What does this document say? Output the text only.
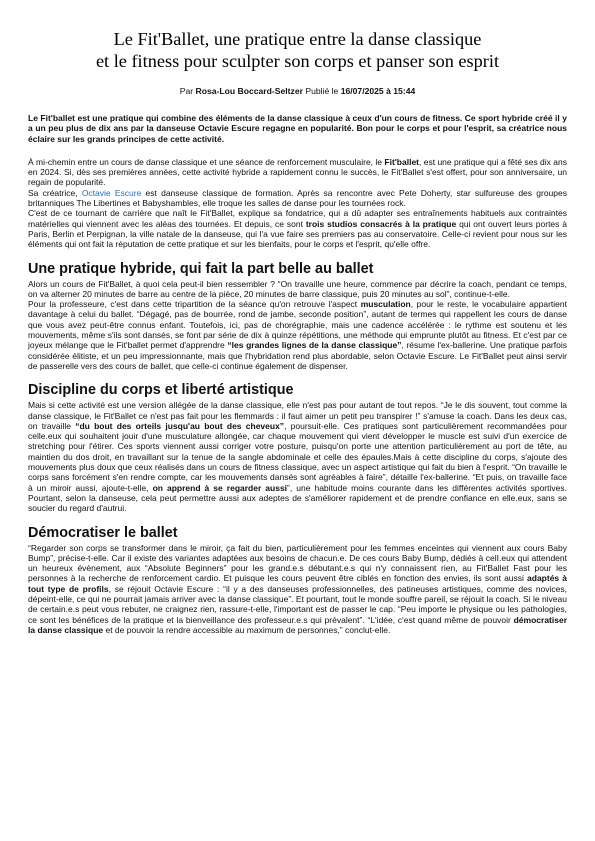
Le Fit'Ballet, une pratique entre la danse classique
et le fitness pour sculpter son corps et panser son esprit
Par Rosa-Lou Boccard-Seltzer Publié le 16/07/2025 à 15:44

Le Fit'ballet est une pratique qui combine des éléments de la danse classique à ceux d'un cours de fitness. Ce sport hybride créé il y a un peu plus de dix ans par la danseuse Octavie Escure regagne en popularité. Bon pour le corps et pour l'esprit, sa créatrice nous éclaire sur les grands principes de cette activité.

À mi-chemin entre un cours de danse classique et une séance de renforcement musculaire, le Fit'ballet, est une pratique qui a fêté ses dix ans en 2024. Si, dès ses premières années, cette activité hybride a rapidement connu le succès, le Fit'Ballet s'est offert, pour son anniversaire, un regain de popularité.

Sa créatrice, Octavie Escure est danseuse classique de formation. Après sa rencontre avec Pete Doherty, star sulfureuse des groupes britanniques The Libertines et Babyshambles, elle troque les salles de danse pour les tournées rock.

C'est de ce tournant de carrière que naît le Fit'Ballet, explique sa fondatrice, qui a dû adapter ses entraînements habituels aux contraintes matérielles qui viennent avec les aléas des tournées. Et depuis, ce sont trois studios consacrés à la pratique qui ont ouvert leurs portes à Paris, Berlin et Perpignan, la ville natale de la danseuse, qui l'a vue faire ses premiers pas au conservatoire. Celle-ci revient pour nous sur les éléments qui ont fait la réputation de cette pratique et sur les bienfaits, pour le corps et l'esprit, qu'elle offre.

Une pratique hybride, qui fait la part belle au ballet

Alors un cours de Fit'Ballet, à quoi cela peut-il bien ressembler ? “On travaille une heure, commence par décrire la coach, pendant ce temps, on va alterner 20 minutes de barre au centre de la pièce, 20 minutes de barre classique, puis 20 minutes au sol”, continue-t-elle.

Pour la professeure, c'est dans cette tripartition de la séance qu'on retrouve l'aspect musculation, pour le reste, le vocabulaire appartient davantage à celui du ballet. “Dégagé, pas de bourrée, rond de jambe, seconde position”, autant de termes qui rappellent les cours de danse que vous avez peut-être connus enfant. Toutefois, ici, pas de chorégraphie, mais une cadence accélérée : le rythme est soutenu et les mouvements, même s'ils sont dansés, se font par série de dix à quinze répétitions, une méthode qui emprunte plutôt au fitness. Et c'est par ce joyeux mélange que le Fit'ballet permet d'apprendre “les grandes lignes de la danse classique”, résume l'ex-ballerine. Une pratique parfois considérée élitiste, et un peu impressionnante, mais que l'hybridation rend plus abordable, selon Octavie Escure. Le Fit'Ballet peut ainsi servir de passerelle vers des cours de ballet, que celle-ci continue également de dispenser.

Discipline du corps et liberté artistique

Mais si cette activité est une version allégée de la danse classique, elle n'est pas pour autant de tout repos. “Je le dis souvent, tout comme la danse classique, le Fit'Ballet ce n'est pas fait pour les flemmards : il faut aimer un petit peu transpirer !” s'amuse la coach. Dans les deux cas, on travaille “du bout des orteils jusqu'au bout des cheveux”, poursuit-elle. Ces pratiques sont particulièrement recommandées pour celle.eux qui souhaitent jouir d'une musculature allongée, car chaque mouvement qui vient développer le muscle est suivi d'un exercice de stretching pour l'étirer. Ces sports viennent aussi corriger votre posture, puisqu'on porte une attention particulièrement au port de tête, au maintien du dos droit, en travaillant sur la tenue de la sangle abdominale et celle des épaules.Mais à cette discipline du corps, s'ajoute des mouvements plus doux que ceux réalisés dans un cours de fitness classique, avec un aspect artistique qui fait du bien à l'esprit. “On travaille le corps sans forcément s'en rendre compte, car les mouvements dansés sont agréables à faire”, détaille l'ex-ballerine. “Et puis, on travaille face à un miroir aussi, ajoute-t-elle, on apprend à se regarder aussi”, une habitude moins courante dans les différentes activités sportives. Pourtant, selon la danseuse, cela peut permettre aussi aux adeptes de s'améliorer rapidement et de prendre confiance en elle.eux, sans se soucier du regard d'autrui.

Démocratiser le ballet

“Regarder son corps se transformer dans le miroir, ça fait du bien, particulièrement pour les femmes enceintes qui viennent aux cours Baby Bump”, précise-t-elle. Car il existe des variantes adaptées aux besoins de chacun.e. De ces cours Baby Bump, dédiés à celI.eux qui attendent un heureux évènement, aux “Absolute Beginners” pour les grand.e.s débutant.e.s qui n'y connaissent rien, au Fit'Ballet Fast pour les personnes à la recherche de renforcement cardio. Et puisque les cours peuvent être ciblés en fonction des envies, ils sont aussi adaptés à tout type de profils, se réjouit Octavie Escure : “il y a des danseuses professionnelles, des patineuses artistiques, comme des novices, dépeint-elle, ce qui ne pourrait jamais arriver avec la danse classique”. Et pourtant, tout le monde souffre pareil, se réjouit la coach. Si le niveau de certain.e.s peut vous rebuter, ne craignez rien, rassure-t-elle, l'important est de passer le cap. “Peu importe le physique ou les pathologies, ce sont les bénéfices de la pratique et la bienveillance des professeur.e.s qui prévalent”. “L'idée, c'est quand même de pouvoir démocratiser la danse classique et de pouvoir la rendre accessible au maximum de personnes,” conclut-elle.
